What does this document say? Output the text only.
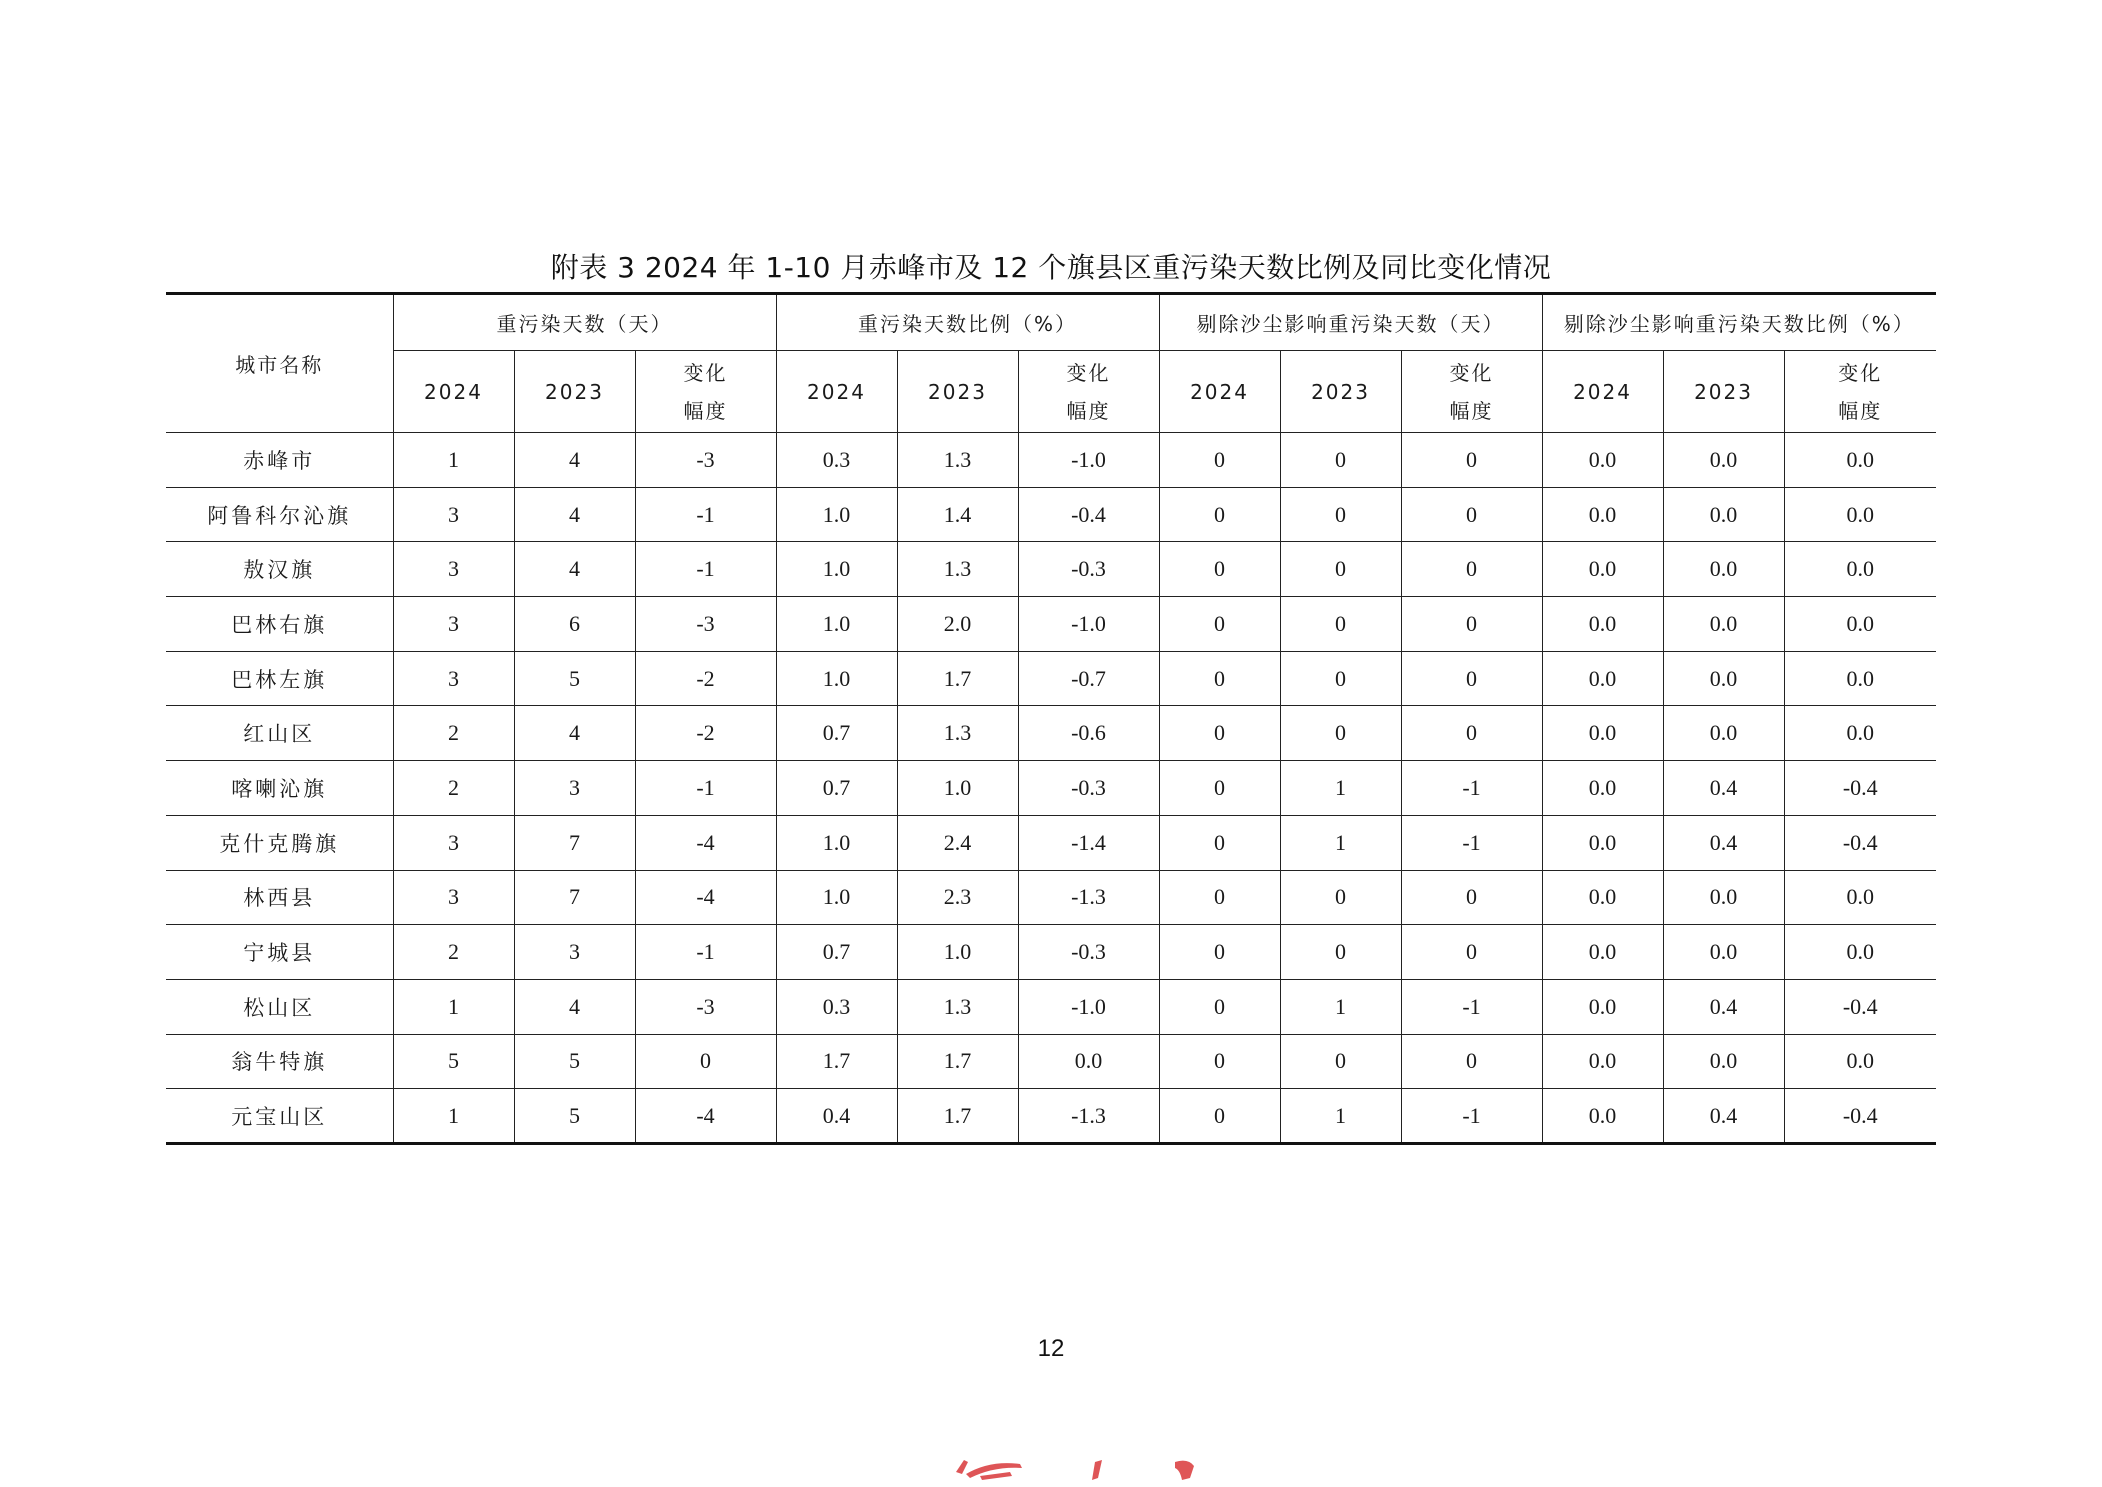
附表 3 2024 年 1-10 月赤峰市及 12 个旗县区重污染天数比例及同比变化情况
城市名称	重污染天数（天）			重污染天数比例（%）			剔除沙尘影响重污染天数（天）			剔除沙尘影响重污染天数比例（%）		
	2024	2023	变化
幅度	2024	2023	变化
幅度	2024	2023	变化
幅度	2024	2023	变化
幅度
赤峰市	1	4	-3	0.3	1.3	-1.0	0	0	0	0.0	0.0	0.0
阿鲁科尔沁旗	3	4	-1	1.0	1.4	-0.4	0	0	0	0.0	0.0	0.0
敖汉旗	3	4	-1	1.0	1.3	-0.3	0	0	0	0.0	0.0	0.0
巴林右旗	3	6	-3	1.0	2.0	-1.0	0	0	0	0.0	0.0	0.0
巴林左旗	3	5	-2	1.0	1.7	-0.7	0	0	0	0.0	0.0	0.0
红山区	2	4	-2	0.7	1.3	-0.6	0	0	0	0.0	0.0	0.0
喀喇沁旗	2	3	-1	0.7	1.0	-0.3	0	1	-1	0.0	0.4	-0.4
克什克腾旗	3	7	-4	1.0	2.4	-1.4	0	1	-1	0.0	0.4	-0.4
林西县	3	7	-4	1.0	2.3	-1.3	0	0	0	0.0	0.0	0.0
宁城县	2	3	-1	0.7	1.0	-0.3	0	0	0	0.0	0.0	0.0
松山区	1	4	-3	0.3	1.3	-1.0	0	1	-1	0.0	0.4	-0.4
翁牛特旗	5	5	0	1.7	1.7	0.0	0	0	0	0.0	0.0	0.0
元宝山区	1	5	-4	0.4	1.7	-1.3	0	1	-1	0.0	0.4	-0.4
12
